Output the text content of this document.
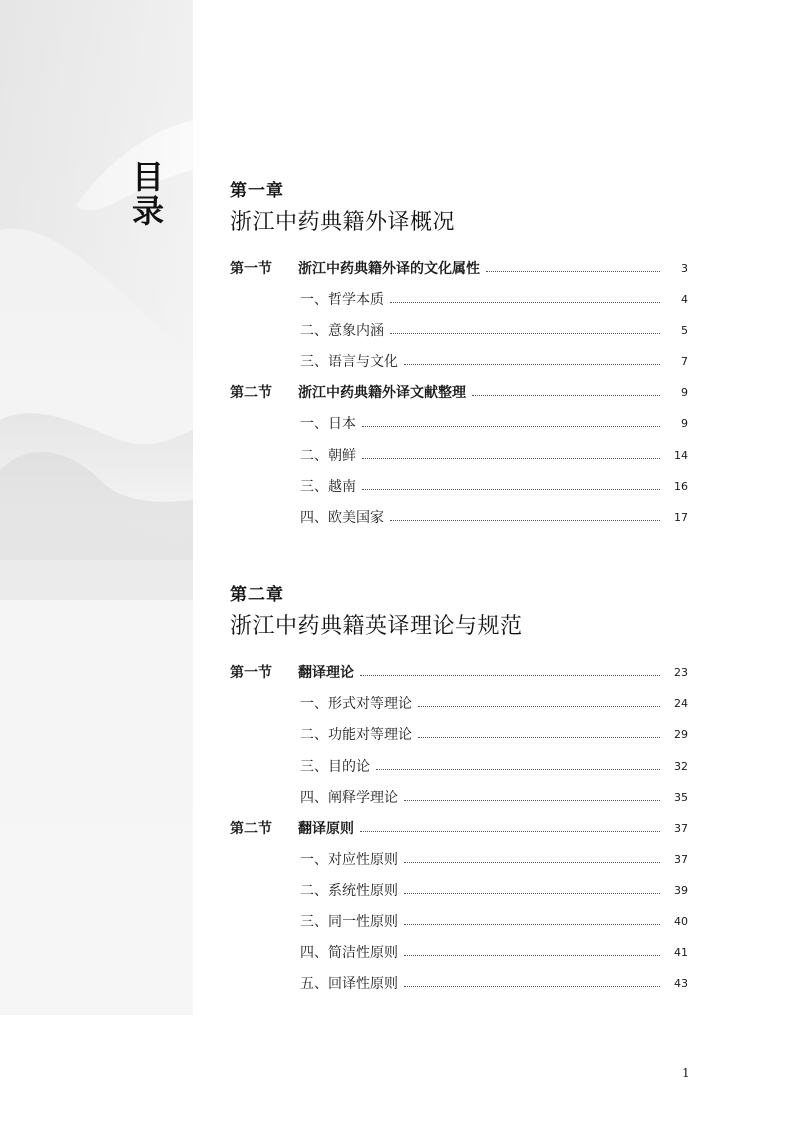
目
录
第一章
浙江中药典籍外译概况
第一节	浙江中药典籍外译的文化属性	3
一、哲学本质	4
二、意象内涵	5
三、语言与文化	7
第二节	浙江中药典籍外译文献整理	9
一、日本	9
二、朝鲜	14
三、越南	16
四、欧美国家	17
第二章
浙江中药典籍英译理论与规范
第一节	翻译理论	23
一、形式对等理论	24
二、功能对等理论	29
三、目的论	32
四、阐释学理论	35
第二节	翻译原则	37
一、对应性原则	37
二、系统性原则	39
三、同一性原则	40
四、简洁性原则	41
五、回译性原则	43
1
